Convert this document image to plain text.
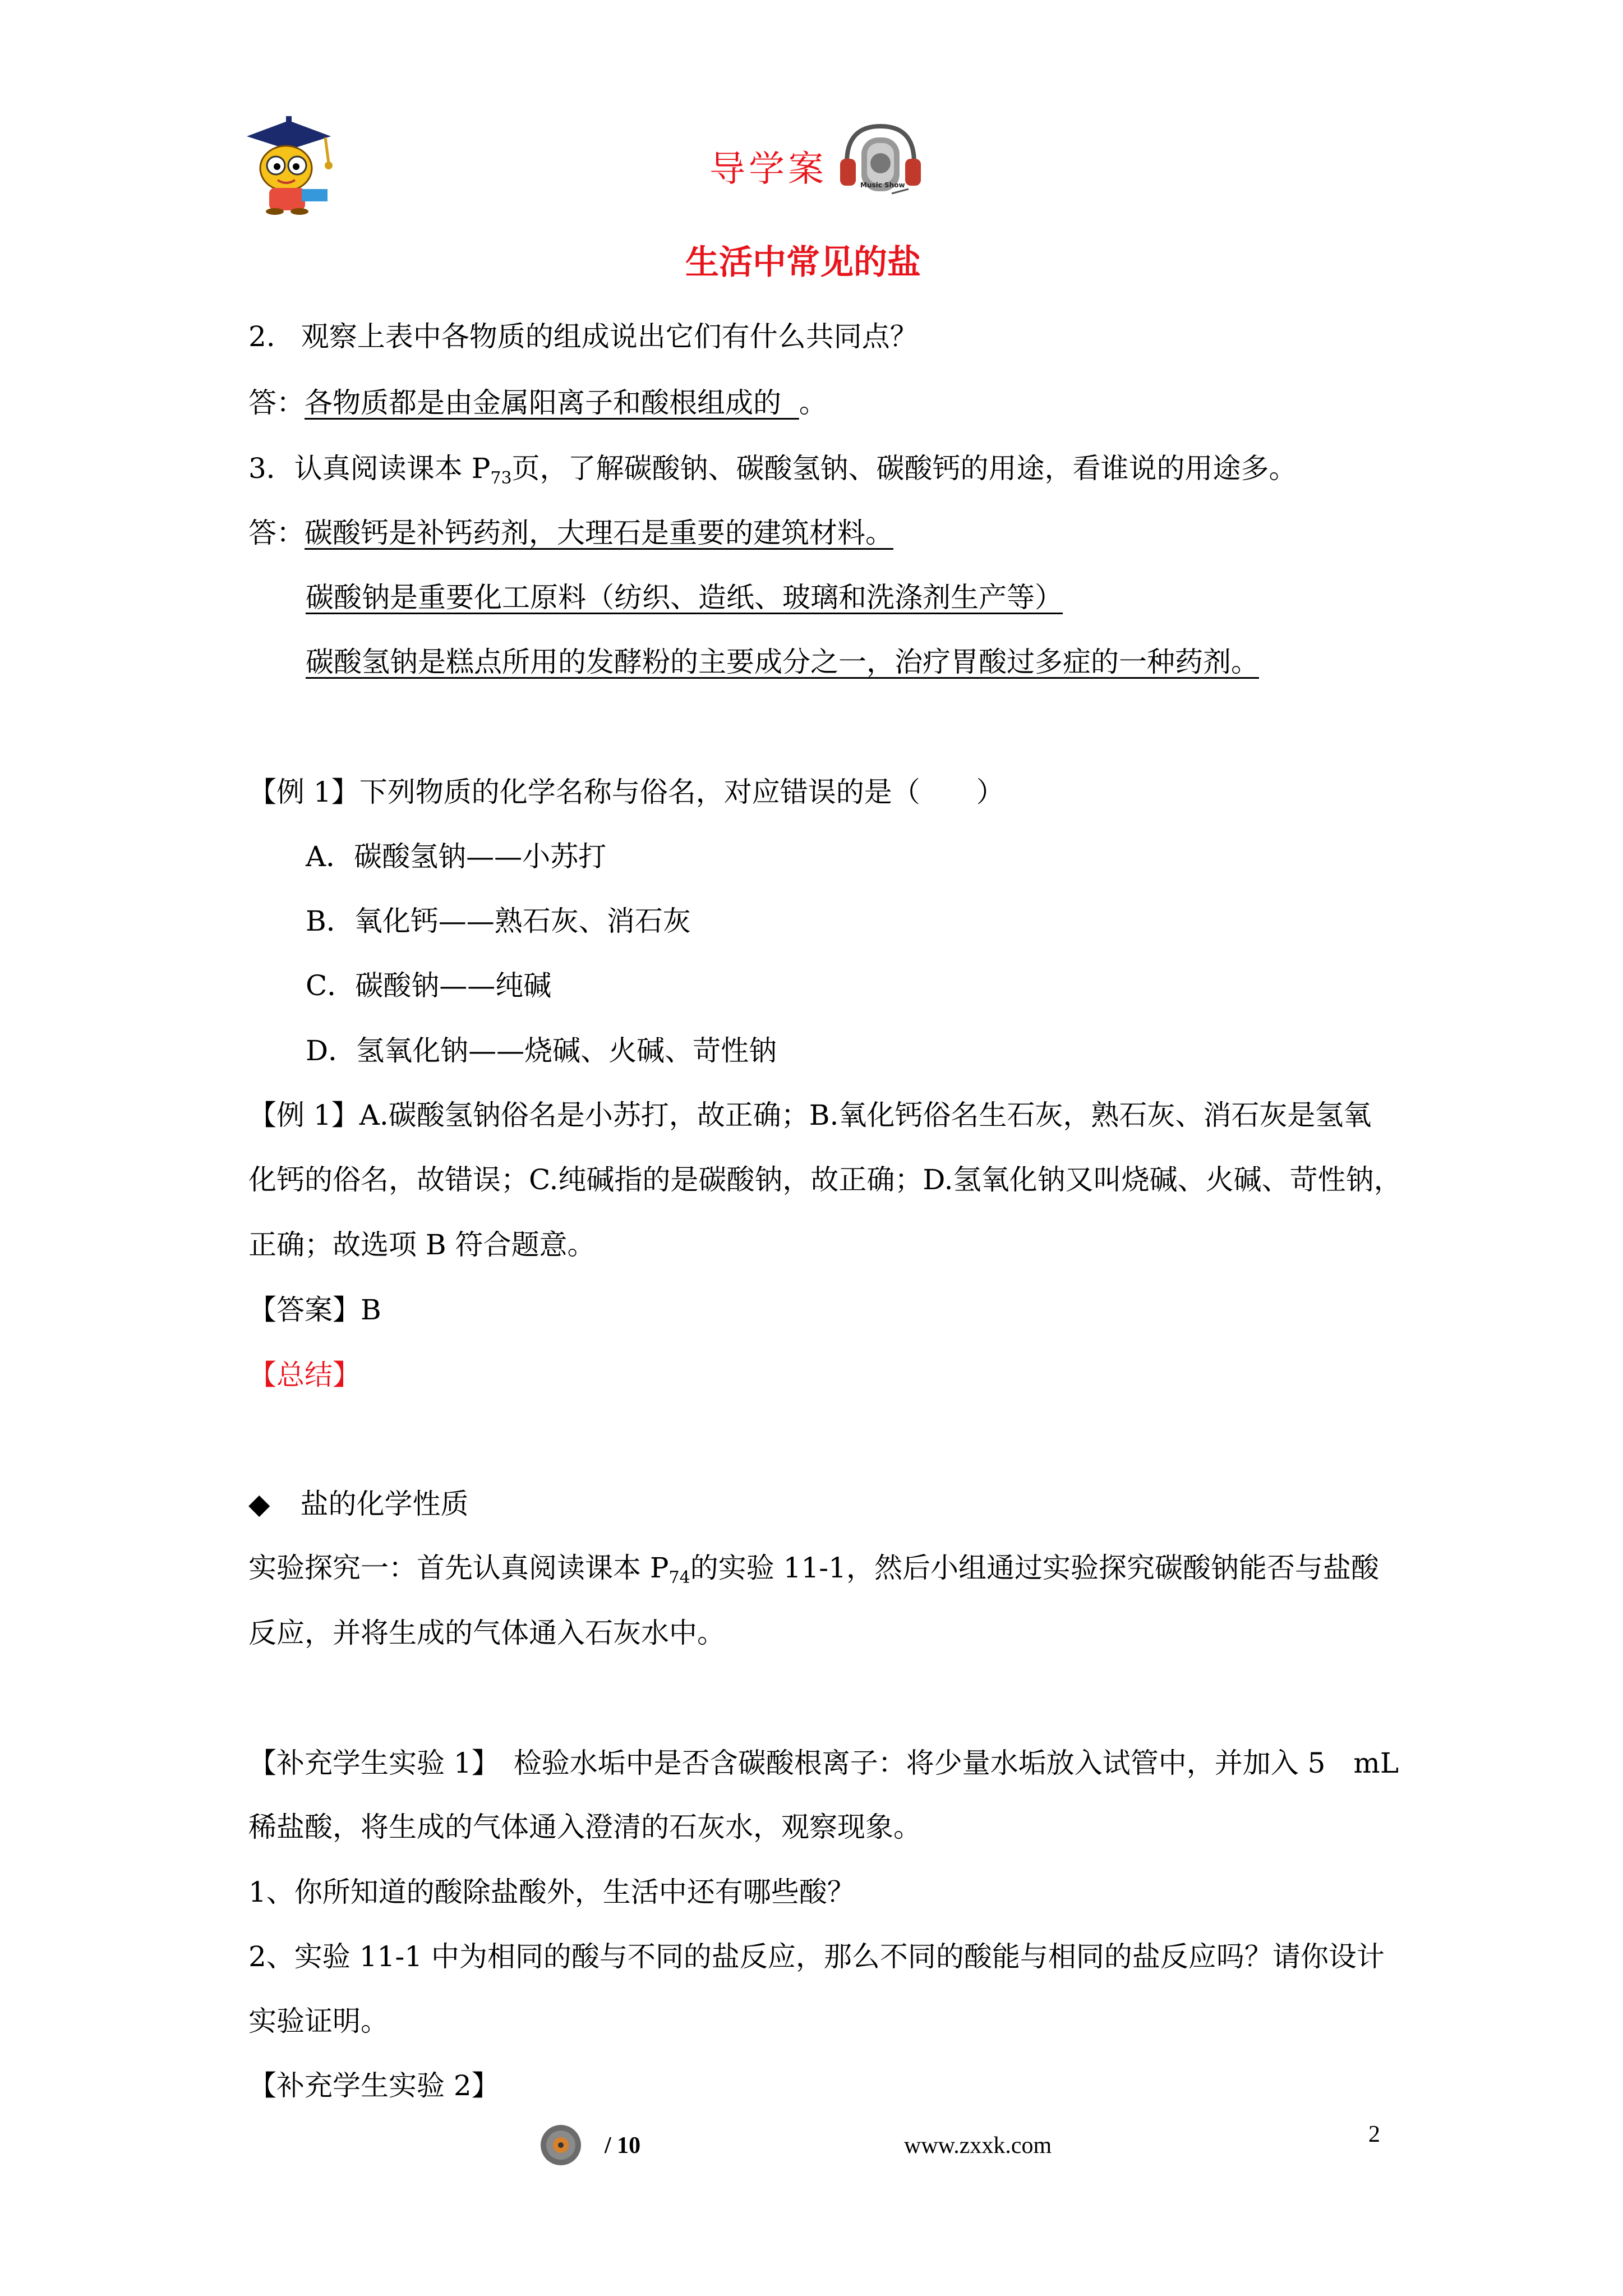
导学案	Music Show
生活中常见的盐
2. 观察上表中各物质的组成说出它们有什么共同点？
答：各物质都是由金属阳离子和酸根组成的 。
3．认真阅读课本 $P_{73}$页，了解碳酸钠、碳酸氢钠、碳酸钙的用途，看谁说的用途多。
答：碳酸钙是补钙药剂，大理石是重要的建筑材料。
碳酸钠是重要化工原料（纺织、造纸、玻璃和洗涤剂生产等）
碳酸氢钠是糕点所用的发酵粉的主要成分之一，治疗胃酸过多症的一种药剂。
【例 1】下列物质的化学名称与俗名，对应错误的是（　　）
A．碳酸氢钠——小苏打
B．氧化钙——熟石灰、消石灰
C．碳酸钠——纯碱
D．氢氧化钠——烧碱、火碱、苛性钠
【例 1】A.碳酸氢钠俗名是小苏打，故正确；B.氧化钙俗名生石灰，熟石灰、消石灰是氢氧
化钙的俗名，故错误；C.纯碱指的是碳酸钠，故正确；D.氢氧化钠又叫烧碱、火碱、苛性钠，
正确；故选项 B 符合题意。
【答案】B
【总结】
◆ 盐的化学性质
实验探究一：首先认真阅读课本 $P_{74}$的实验 11-1，然后小组通过实验探究碳酸钠能否与盐酸
反应，并将生成的气体通入石灰水中。
【补充学生实验 1】　检验水垢中是否含碳酸根离子：将少量水垢放入试管中，并加入 5　mL
稀盐酸，将生成的气体通入澄清的石灰水，观察现象。
1、你所知道的酸除盐酸外，生活中还有哪些酸？
2、实验 11-1 中为相同的酸与不同的盐反应，那么不同的酸能与相同的盐反应吗？请你设计
实验证明。
【补充学生实验 2】
/ 10	www.zxxk.com	2
